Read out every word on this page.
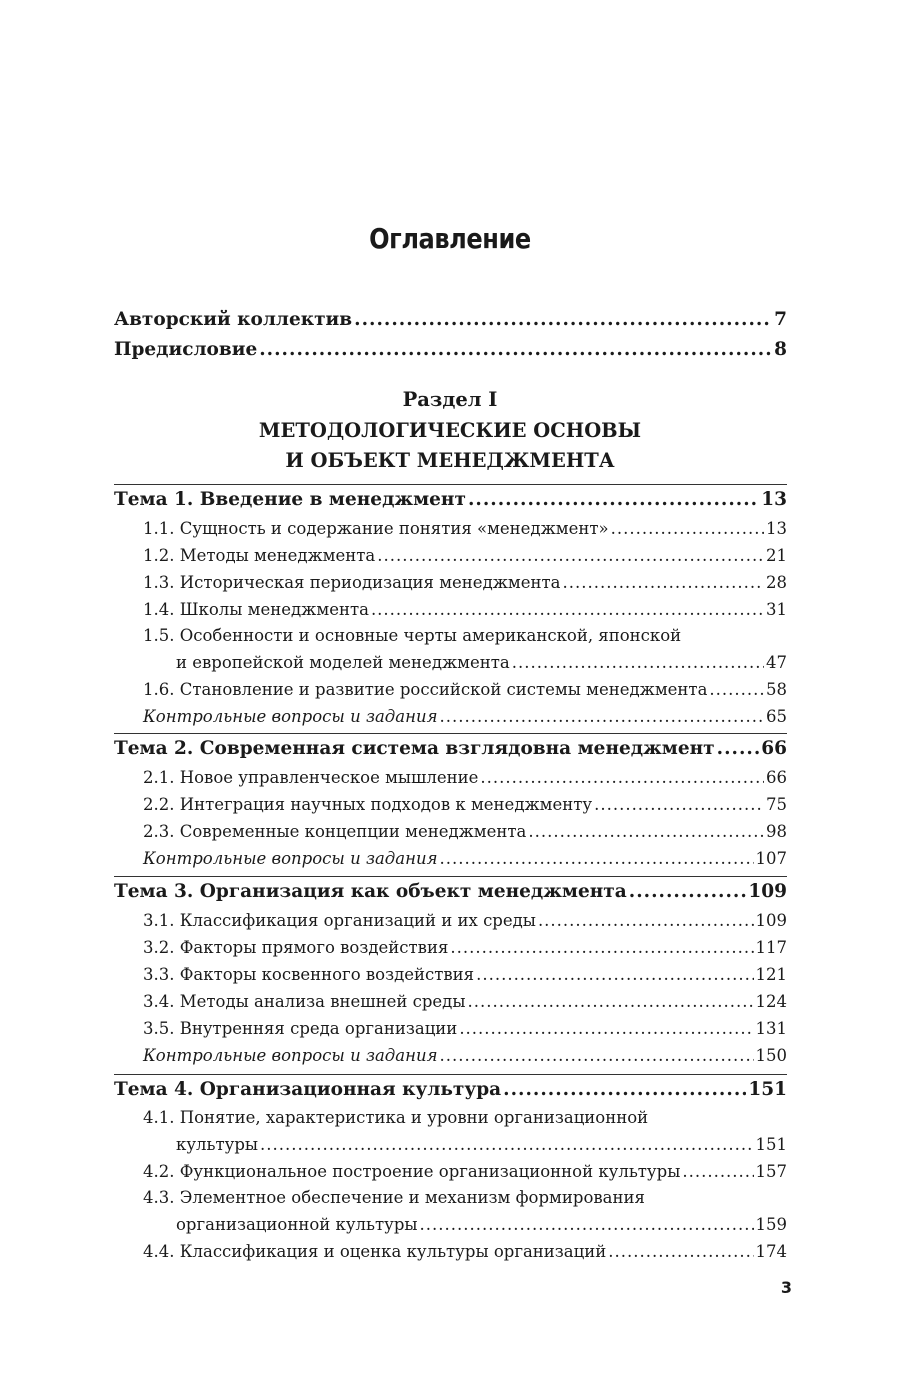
Оглавление
Авторский коллектив .....	7
Предисловие .....	8
Раздел I
МЕТОДОЛОГИЧЕСКИЕ ОСНОВЫ
И ОБЪЕКТ МЕНЕДЖМЕНТА
Тема 1. Введение в менеджмент .....	13
1.1. Сущность и содержание понятия «менеджмент» .....	13
1.2. Методы менеджмента .....	21
1.3. Историческая периодизация менеджмента .....	28
1.4. Школы менеджмента .....	31
1.5. Особенности и основные черты американской, японской
и европейской моделей менеджмента .....	47
1.6. Становление и развитие российской системы менеджмента .....	58
Контрольные вопросы и задания .....	65
Тема 2. Современная система взглядовна менеджмент .....	66
2.1. Новое управленческое мышление .....	66
2.2. Интеграция научных подходов к менеджменту .....	75
2.3. Современные концепции менеджмента .....	98
Контрольные вопросы и задания .....	107
Тема 3. Организация как объект менеджмента .....	109
3.1. Классификация организаций и их среды .....	109
3.2. Факторы прямого воздействия .....	117
3.3. Факторы косвенного воздействия .....	121
3.4. Методы анализа внешней среды .....	124
3.5. Внутренняя среда организации .....	131
Контрольные вопросы и задания .....	150
Тема 4. Организационная культура .....	151
4.1. Понятие, характеристика и уровни организационной
культуры .....	151
4.2. Функциональное построение организационной культуры .....	157
4.3. Элементное обеспечение и механизм формирования
организационной культуры .....	159
4.4. Классификация и оценка культуры организаций .....	174
3
